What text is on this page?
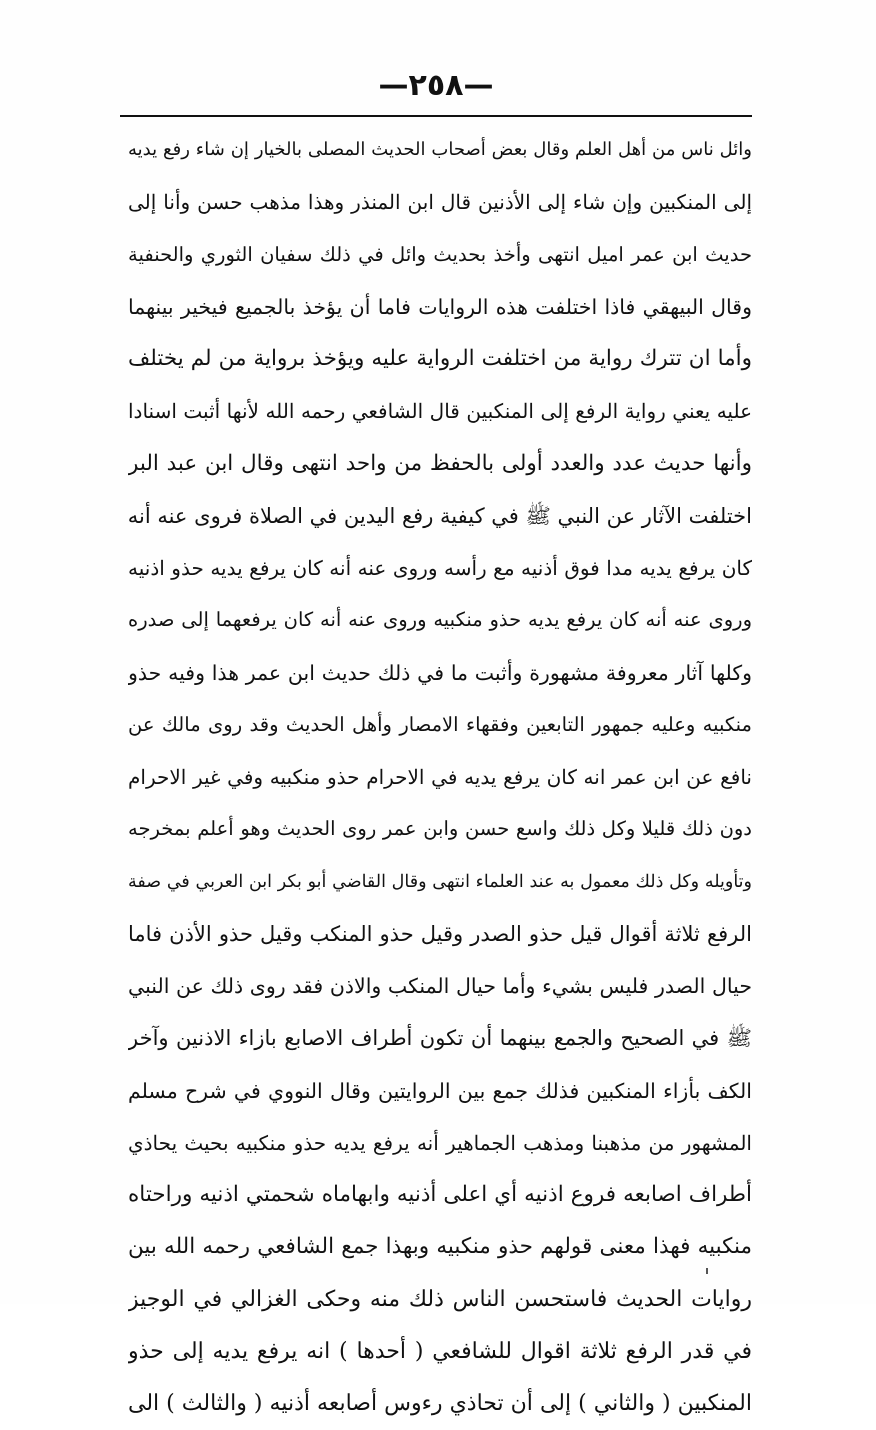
—٢٥٨—
وائل ناس من أهل العلم وقال بعض أصحاب الحديث المصلى بالخيار إن شاء رفع يديه
إلى المنكبين وإن شاء إلى الأذنين قال ابن المنذر وهذا مذهب حسن وأنا إلى
حديث ابن عمر اميل انتهى وأخذ بحديث وائل في ذلك سفيان الثوري والحنفية
وقال البيهقي فاذا اختلفت هذه الروايات فاما أن يؤخذ بالجميع فيخير بينهما
وأما ان تترك رواية من اختلفت الرواية عليه ويؤخذ برواية من لم يختلف
عليه يعني رواية الرفع إلى المنكبين قال الشافعي رحمه الله لأنها أثبت اسنادا
وأنها حديث عدد والعدد أولى بالحفظ من واحد انتهى وقال ابن عبد البر
اختلفت الآثار عن النبي ﷺ في كيفية رفع اليدين في الصلاة فروى عنه أنه
كان يرفع يديه مدا فوق أذنيه مع رأسه وروى عنه أنه كان يرفع يديه حذو اذنيه
وروى عنه أنه كان يرفع يديه حذو منكبيه وروى عنه أنه كان يرفعهما إلى صدره
وكلها آثار معروفة مشهورة وأثبت ما في ذلك حديث ابن عمر هذا وفيه حذو
منكبيه وعليه جمهور التابعين وفقهاء الامصار وأهل الحديث وقد روى مالك عن
نافع عن ابن عمر انه كان يرفع يديه في الاحرام حذو منكبيه وفي غير الاحرام
دون ذلك قليلا وكل ذلك واسع حسن وابن عمر روى الحديث وهو أعلم بمخرجه
وتأويله وكل ذلك معمول به عند العلماء انتهى وقال القاضي أبو بكر ابن العربي في صفة
الرفع ثلاثة أقوال قيل حذو الصدر وقيل حذو المنكب وقيل حذو الأذن فاما
حيال الصدر فليس بشيء وأما حيال المنكب والاذن فقد روى ذلك عن النبي
ﷺ في الصحيح والجمع بينهما أن تكون أطراف الاصابع بازاء الاذنين وآخر
الكف بأزاء المنكبين فذلك جمع بين الروايتين وقال النووي في شرح مسلم
المشهور من مذهبنا ومذهب الجماهير أنه يرفع يديه حذو منكبيه بحيث يحاذي
أطراف اصابعه فروع اذنيه أي اعلى أذنيه وابهاماه شحمتي اذنيه وراحتاه
منكبيه فهذا معنى قولهم حذو منكبيه وبهذا جمع الشافعي رحمه الله بين
روايات الحديث فاستحسن الناس ذلك منه وحكى الغزالي في الوجيز
في قدر الرفع ثلاثة اقوال للشافعي ( أحدها ) انه يرفع يديه إلى حذو
المنكبين ( والثاني ) إلى أن تحاذي رءوس أصابعه أذنيه ( والثالث ) الى
